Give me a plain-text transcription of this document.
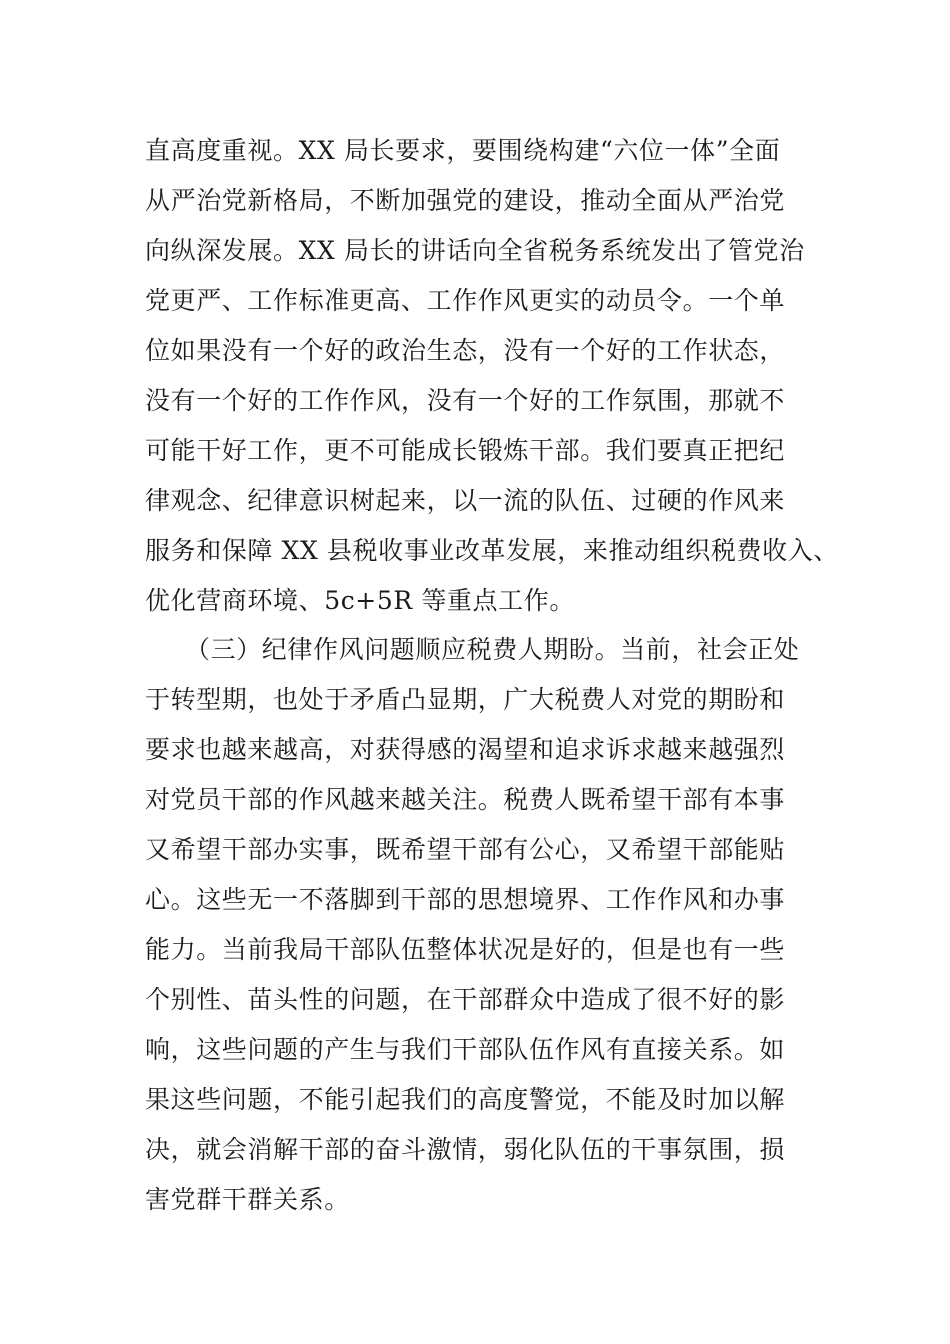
直高度重视。XX 局长要求，要围绕构建“六位一体”全面
从严治党新格局，不断加强党的建设，推动全面从严治党
向纵深发展。XX 局长的讲话向全省税务系统发出了管党治
党更严、工作标准更高、工作作风更实的动员令。一个单
位如果没有一个好的政治生态，没有一个好的工作状态，
没有一个好的工作作风，没有一个好的工作氛围，那就不
可能干好工作，更不可能成长锻炼干部。我们要真正把纪
律观念、纪律意识树起来，以一流的队伍、过硬的作风来
服务和保障 XX 县税收事业改革发展，来推动组织税费收入、
优化营商环境、5c+5R 等重点工作。
（三）纪律作风问题顺应税费人期盼。当前，社会正处
于转型期，也处于矛盾凸显期，广大税费人对党的期盼和
要求也越来越高，对获得感的渴望和追求诉求越来越强烈
对党员干部的作风越来越关注。税费人既希望干部有本事
又希望干部办实事，既希望干部有公心，又希望干部能贴
心。这些无一不落脚到干部的思想境界、工作作风和办事
能力。当前我局干部队伍整体状况是好的，但是也有一些
个别性、苗头性的问题，在干部群众中造成了很不好的影
响，这些问题的产生与我们干部队伍作风有直接关系。如
果这些问题，不能引起我们的高度警觉，不能及时加以解
决，就会消解干部的奋斗激情，弱化队伍的干事氛围，损
害党群干群关系。
